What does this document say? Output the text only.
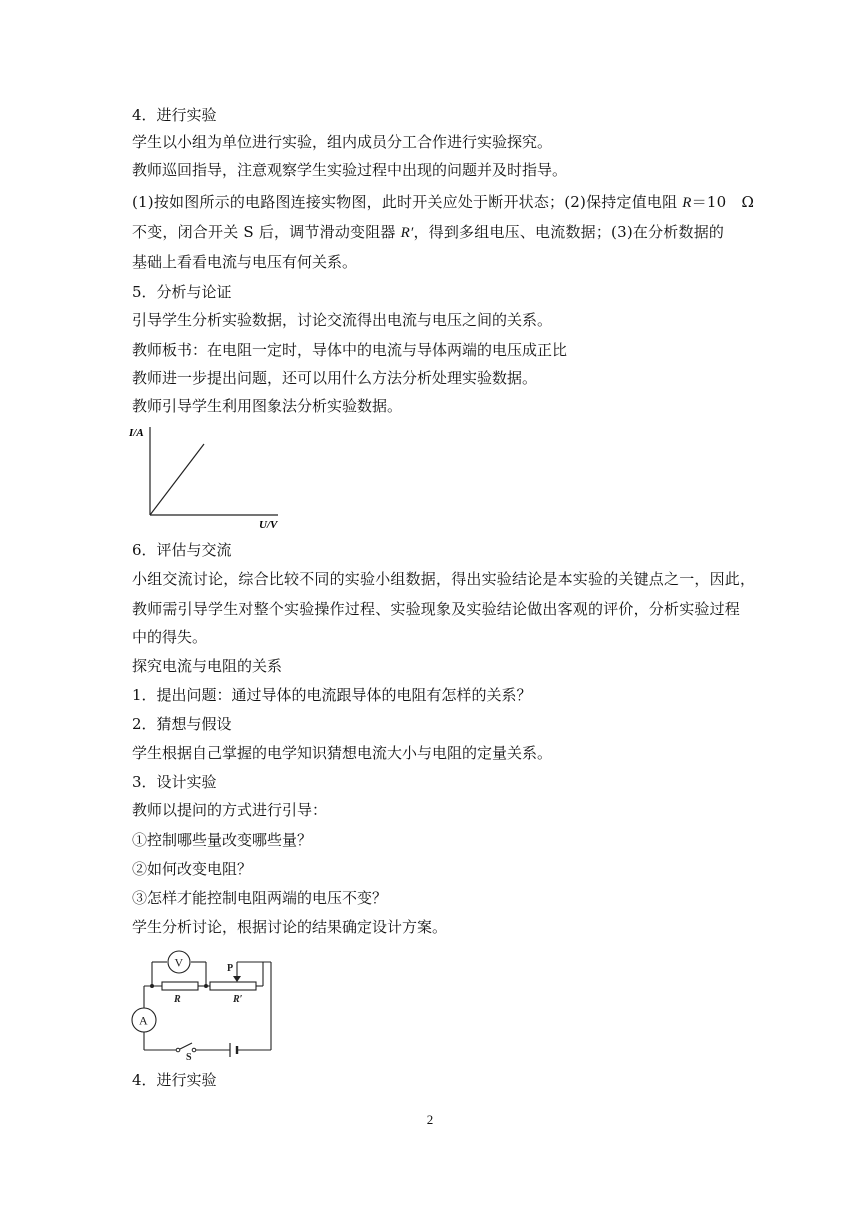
4．进行实验
学生以小组为单位进行实验，组内成员分工合作进行实验探究。
教师巡回指导，注意观察学生实验过程中出现的问题并及时指导。
(1)按如图所示的电路图连接实物图，此时开关应处于断开状态；(2)保持定值电阻 R＝10　Ω
不变，闭合开关 S 后，调节滑动变阻器 R′，得到多组电压、电流数据；(3)在分析数据的
基础上看看电流与电压有何关系。
5．分析与论证
引导学生分析实验数据，讨论交流得出电流与电压之间的关系。
教师板书：在电阻一定时，导体中的电流与导体两端的电压成正比
教师进一步提出问题，还可以用什么方法分析处理实验数据。
教师引导学生利用图象法分析实验数据。
I/A
U/V
6．评估与交流
小组交流讨论，综合比较不同的实验小组数据，得出实验结论是本实验的关键点之一，因此，
教师需引导学生对整个实验操作过程、实验现象及实验结论做出客观的评价，分析实验过程
中的得失。
探究电流与电阻的关系
1．提出问题：通过导体的电流跟导体的电阻有怎样的关系？
2．猜想与假设
学生根据自己掌握的电学知识猜想电流大小与电阻的定量关系。
3．设计实验
教师以提问的方式进行引导：
①控制哪些量改变哪些量？
②如何改变电阻？
③怎样才能控制电阻两端的电压不变？
学生分析讨论，根据讨论的结果确定设计方案。
V
A
P
R	R′
S
4．进行实验
2
